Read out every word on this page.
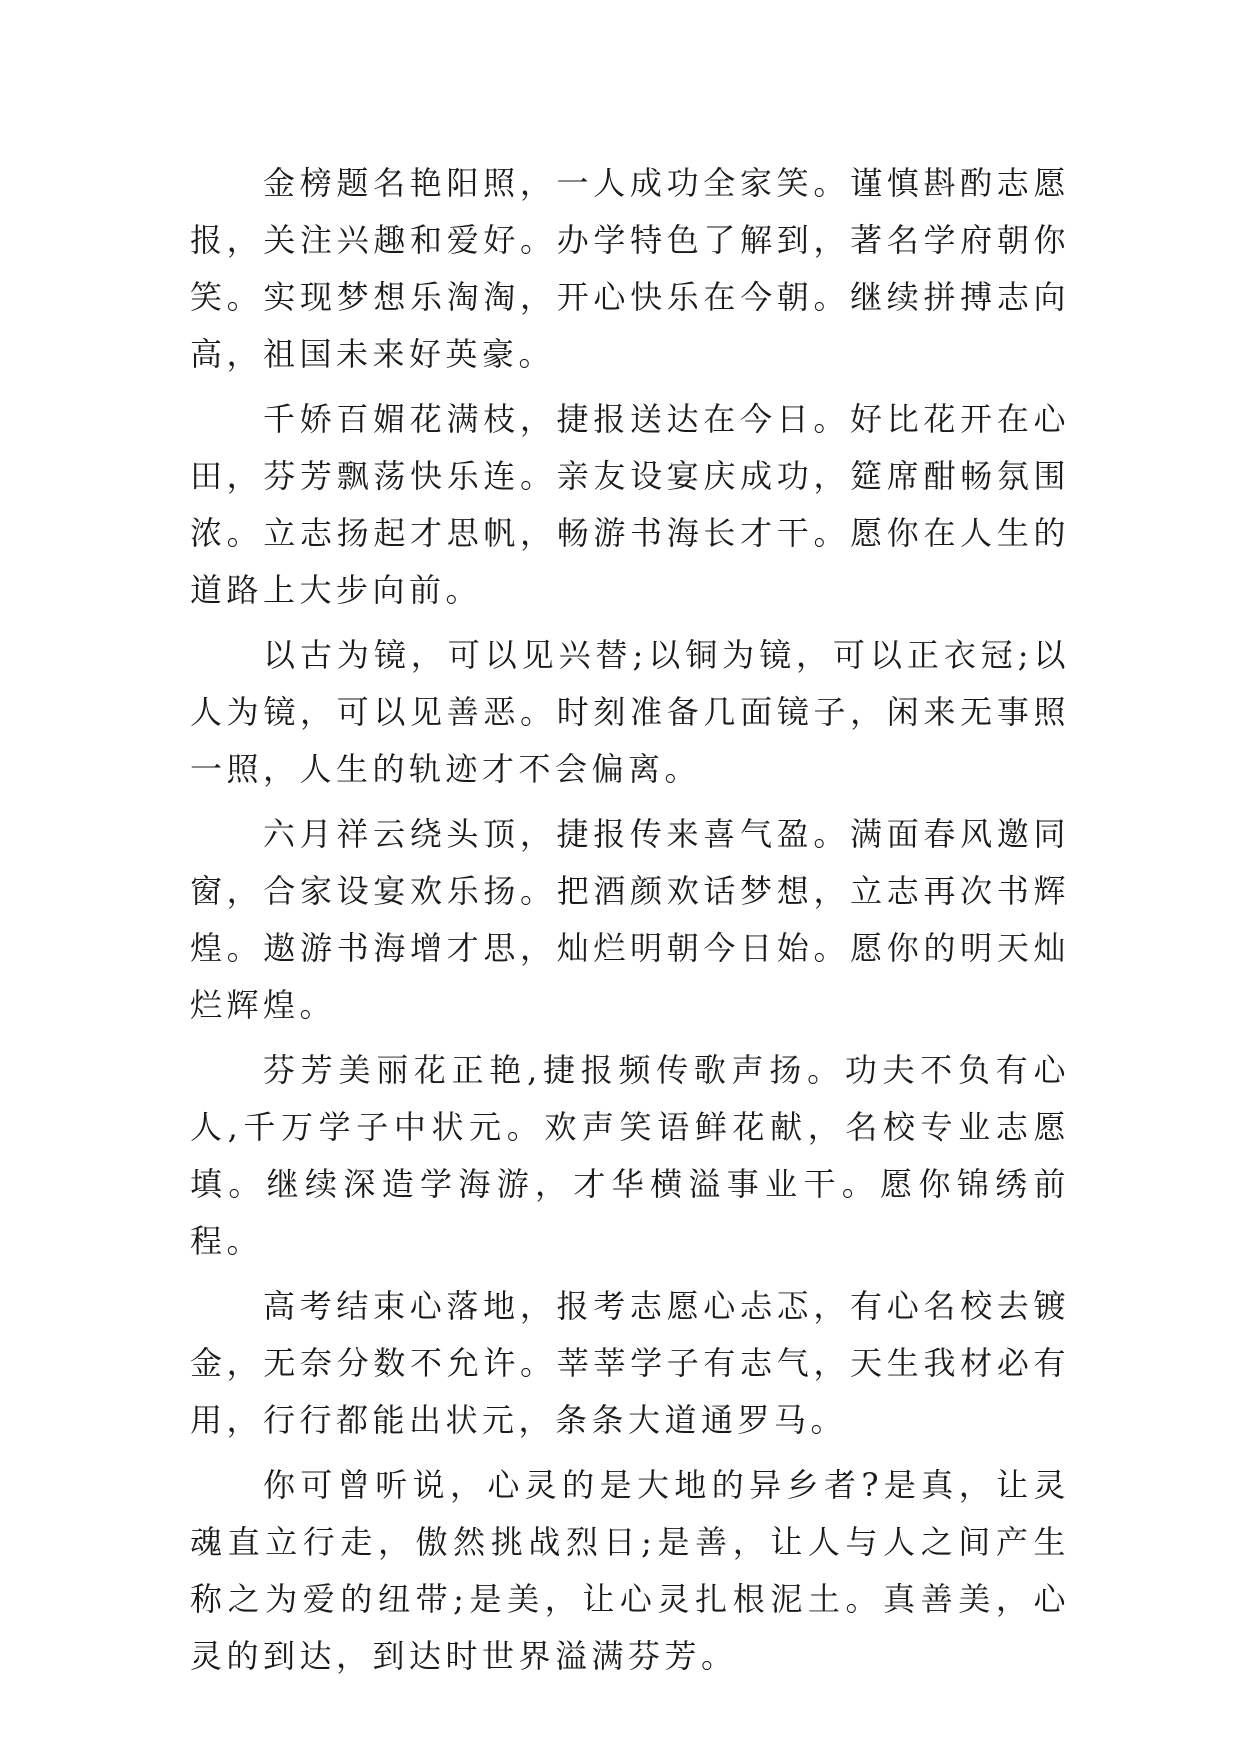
金榜题名艳阳照，一人成功全家笑。谨慎斟酌志愿报，关注兴趣和爱好。办学特色了解到，著名学府朝你笑。实现梦想乐淘淘，开心快乐在今朝。继续拼搏志向高，祖国未来好英豪。

千娇百媚花满枝，捷报送达在今日。好比花开在心田，芬芳飘荡快乐连。亲友设宴庆成功，筵席酣畅氛围浓。立志扬起才思帆，畅游书海长才干。愿你在人生的道路上大步向前。

以古为镜，可以见兴替;以铜为镜，可以正衣冠;以人为镜，可以见善恶。时刻准备几面镜子，闲来无事照一照，人生的轨迹才不会偏离。

六月祥云绕头顶，捷报传来喜气盈。满面春风邀同窗，合家设宴欢乐扬。把酒颜欢话梦想，立志再次书辉煌。遨游书海增才思，灿烂明朝今日始。愿你的明天灿烂辉煌。

芬芳美丽花正艳,捷报频传歌声扬。功夫不负有心人,千万学子中状元。欢声笑语鲜花献，名校专业志愿填。继续深造学海游，才华横溢事业干。愿你锦绣前程。

高考结束心落地，报考志愿心忐忑，有心名校去镀金，无奈分数不允许。莘莘学子有志气，天生我材必有用，行行都能出状元，条条大道通罗马。

你可曾听说，心灵的是大地的异乡者?是真，让灵魂直立行走，傲然挑战烈日;是善，让人与人之间产生称之为爱的纽带;是美，让心灵扎根泥土。真善美，心灵的到达，到达时世界溢满芬芳。
